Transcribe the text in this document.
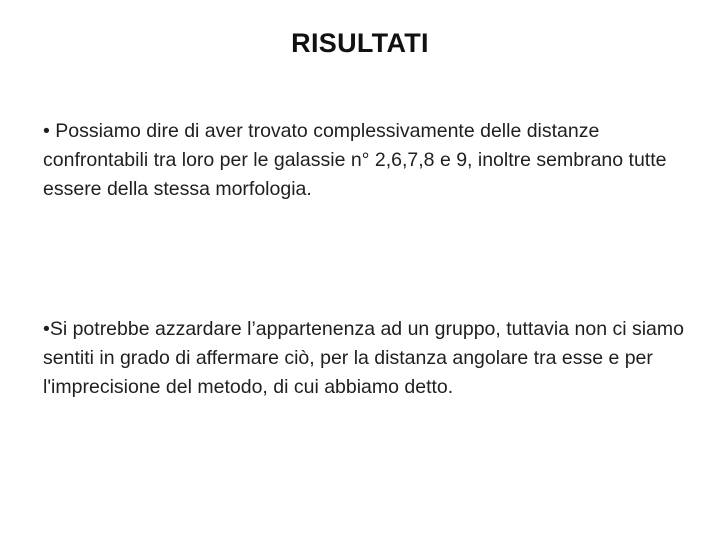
RISULTATI
• Possiamo dire di aver trovato complessivamente delle distanze confrontabili tra loro per le galassie n° 2,6,7,8 e 9, inoltre sembrano tutte essere della stessa morfologia.
•Si potrebbe azzardare l’appartenenza ad un gruppo, tuttavia non ci siamo sentiti in grado di affermare ciò, per la distanza angolare tra esse e per l'imprecisione del metodo, di cui abbiamo detto.
